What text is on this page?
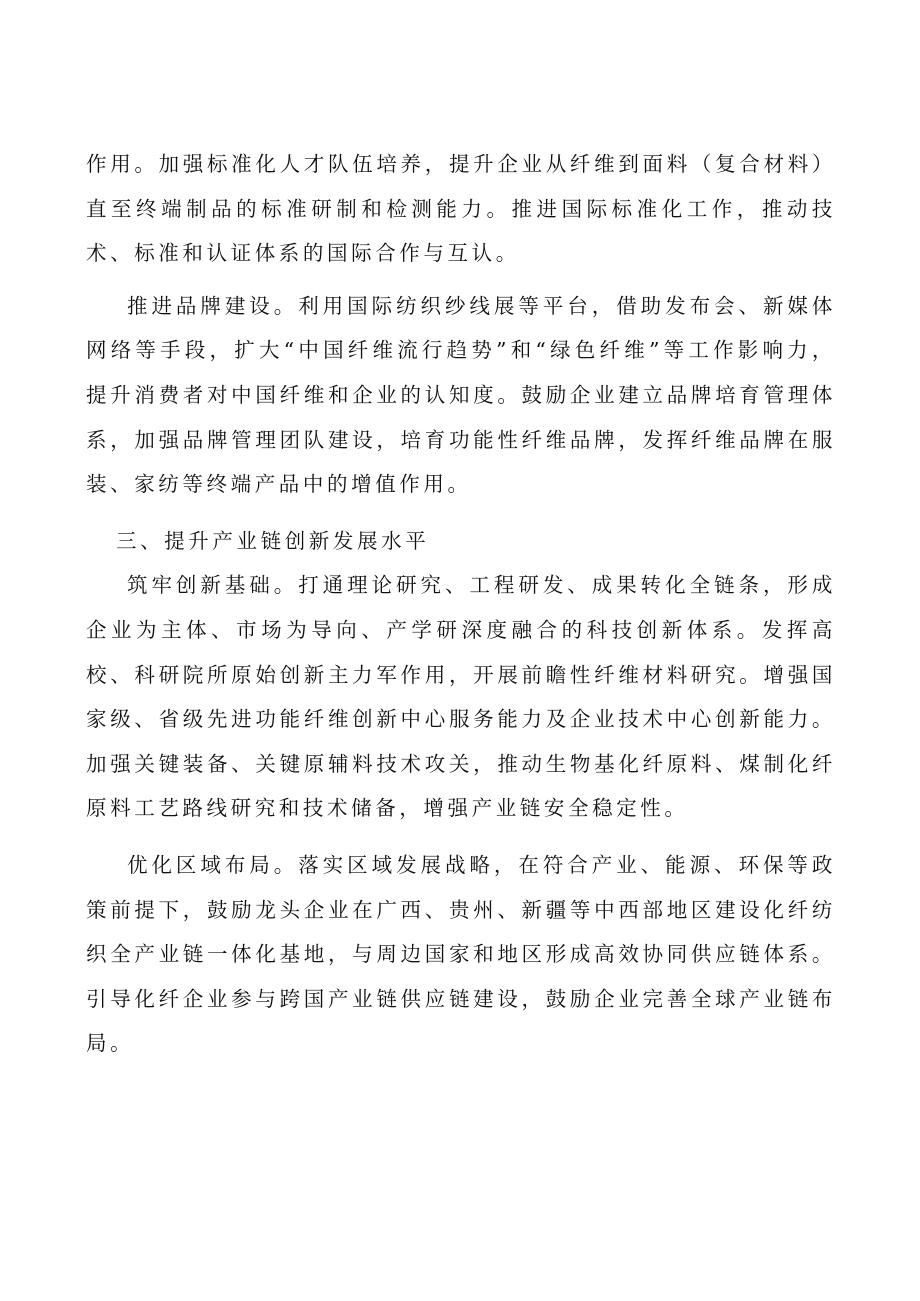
作用。加强标准化人才队伍培养，提升企业从纤维到面料（复合材料）直至终端制品的标准研制和检测能力。推进国际标准化工作，推动技术、标准和认证体系的国际合作与互认。

推进品牌建设。利用国际纺织纱线展等平台，借助发布会、新媒体网络等手段，扩大“中国纤维流行趋势”和“绿色纤维”等工作影响力，提升消费者对中国纤维和企业的认知度。鼓励企业建立品牌培育管理体系，加强品牌管理团队建设，培育功能性纤维品牌，发挥纤维品牌在服装、家纺等终端产品中的增值作用。

三、提升产业链创新发展水平

筑牢创新基础。打通理论研究、工程研发、成果转化全链条，形成企业为主体、市场为导向、产学研深度融合的科技创新体系。发挥高校、科研院所原始创新主力军作用，开展前瞻性纤维材料研究。增强国家级、省级先进功能纤维创新中心服务能力及企业技术中心创新能力。加强关键装备、关键原辅料技术攻关，推动生物基化纤原料、煤制化纤原料工艺路线研究和技术储备，增强产业链安全稳定性。

优化区域布局。落实区域发展战略，在符合产业、能源、环保等政策前提下，鼓励龙头企业在广西、贵州、新疆等中西部地区建设化纤纺织全产业链一体化基地，与周边国家和地区形成高效协同供应链体系。引导化纤企业参与跨国产业链供应链建设，鼓励企业完善全球产业链布局。
